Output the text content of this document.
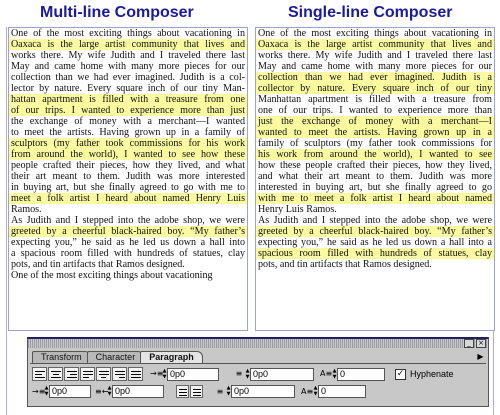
Multi-line Composer	Single-line Composer
One of the most exciting things about vacationing in
Oaxaca is the large artist community that lives and
works there. My wife Judith and I traveled there last
May and came home with many more pieces for our
collection than we had ever imagined. Judith is a col-
lector by nature. Every square inch of our tiny Man-
hattan apartment is filled with a treasure from one
of our trips. I wanted to experience more than just
the exchange of money with a merchant—I wanted
to meet the artists. Having grown up in a family of
sculptors (my father took commissions for his work
from around the world), I wanted to see how these
people crafted their pieces, how they lived, and what
their art meant to them. Judith was more interested
in buying art, but she finally agreed to go with me to
meet a folk artist I heard about named Henry Luis
Ramos.
As Judith and I stepped into the adobe shop, we were
greeted by a cheerful black-haired boy. “My father’s
expecting you,” he said as he led us down a hall into
a spacious room filled with hundreds of statues, clay
pots, and tin artifacts that Ramos designed.
One of the most exciting things about vacationing
One of the most exciting things about vacationing in
Oaxaca is the large artist community that lives and
works there. My wife Judith and I traveled there last
May and came home with many more pieces for our
collection than we had ever imagined. Judith is a
collector by nature. Every square inch of our tiny
Manhattan apartment is filled with a treasure from
one of our trips. I wanted to experience more than
just the exchange of money with a merchant—I
wanted to meet the artists. Having grown up in a
family of sculptors (my father took commissions for
his work from around the world), I wanted to see
how these people crafted their pieces, how they lived,
and what their art meant to them. Judith was more
interested in buying art, but she finally agreed to go
with me to meet a folk artist I heard about named
Henry Luis Ramos.
As Judith and I stepped into the adobe shop, we were
greeted by a cheerful black-haired boy. “My father’s
expecting you,” he said as he led us down a hall into a
spacious room filled with hundreds of statues, clay
pots, and tin artifacts that Ramos designed.
_	×
Transform	Character	Paragraph	▶
→≡ ▲
▼ 0p0	≡ ▲
▼ 0p0	A≡ ▲
▼ 0	✓ Hyphenate
→≡ ▲
▼ 0p0	≡← ▲
▼ 0p0	≡ ▲
▼ 0p0	A≡ ▲
▼ 0
